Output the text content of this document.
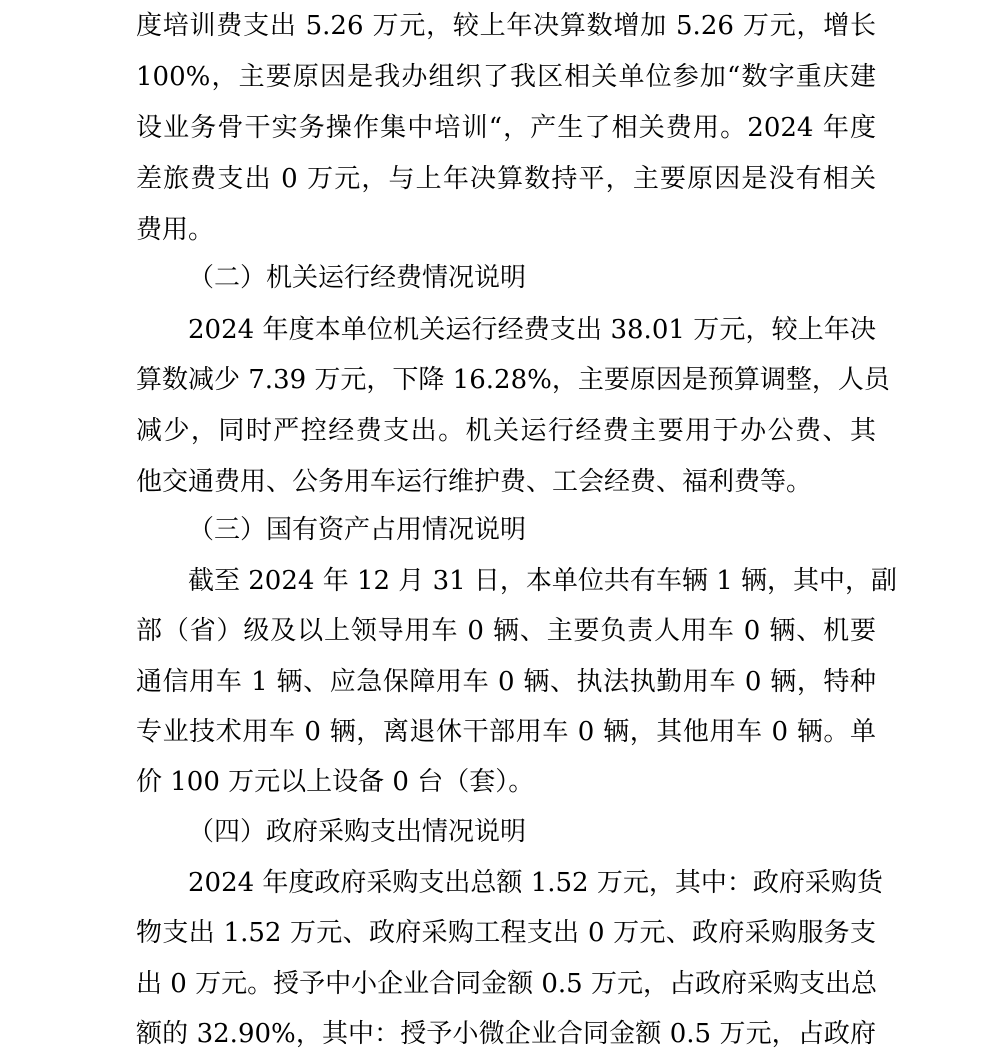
度培训费支出 5.26 万元，较上年决算数增加 5.26 万元，增长
100%，主要原因是我办组织了我区相关单位参加“数字重庆建
设业务骨干实务操作集中培训“，产生了相关费用。2024 年度
差旅费支出 0 万元，与上年决算数持平，主要原因是没有相关
费用。
（二）机关运行经费情况说明
2024 年度本单位机关运行经费支出 38.01 万元，较上年决
算数减少 7.39 万元，下降 16.28%，主要原因是预算调整，人员
减少，同时严控经费支出。机关运行经费主要用于办公费、其
他交通费用、公务用车运行维护费、工会经费、福利费等。
（三）国有资产占用情况说明
截至 2024 年 12 月 31 日，本单位共有车辆 1 辆，其中，副
部（省）级及以上领导用车 0 辆、主要负责人用车 0 辆、机要
通信用车 1 辆、应急保障用车 0 辆、执法执勤用车 0 辆，特种
专业技术用车 0 辆，离退休干部用车 0 辆，其他用车 0 辆。单
价 100 万元以上设备 0 台（套）。
（四）政府采购支出情况说明
2024 年度政府采购支出总额 1.52 万元，其中：政府采购货
物支出 1.52 万元、政府采购工程支出 0 万元、政府采购服务支
出 0 万元。授予中小企业合同金额 0.5 万元，占政府采购支出总
额的 32.90%，其中：授予小微企业合同金额 0.5 万元，占政府
